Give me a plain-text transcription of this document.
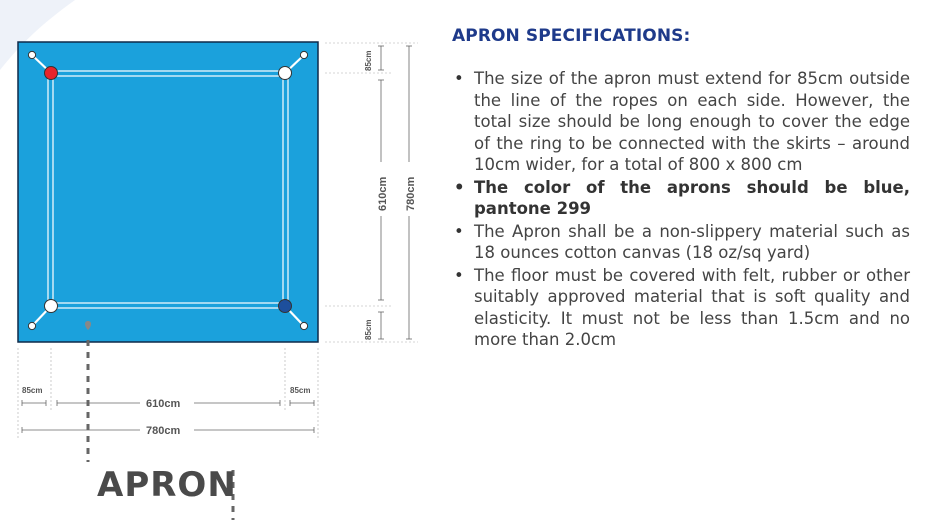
85cm
610cm 780cm
85cm
85cm
610cm
85cm
780cm
APRON
APRON SPECIFICATIONS:
• The size of the apron must extend for 85cm outside the line of the ropes on each side. However, the total size should be long enough to cover the edge of the ring to be connected with the skirts – around 10cm wider, for a total of 800 x 800 cm
• The color of the aprons should be blue, pantone 299
• The Apron shall be a non-slippery material such as 18 ounces cotton canvas (18 oz/sq yard)
• The floor must be covered with felt, rubber or other suitably approved material that is soft quality and elasticity. It must not be less than 1.5cm and no more than 2.0cm
